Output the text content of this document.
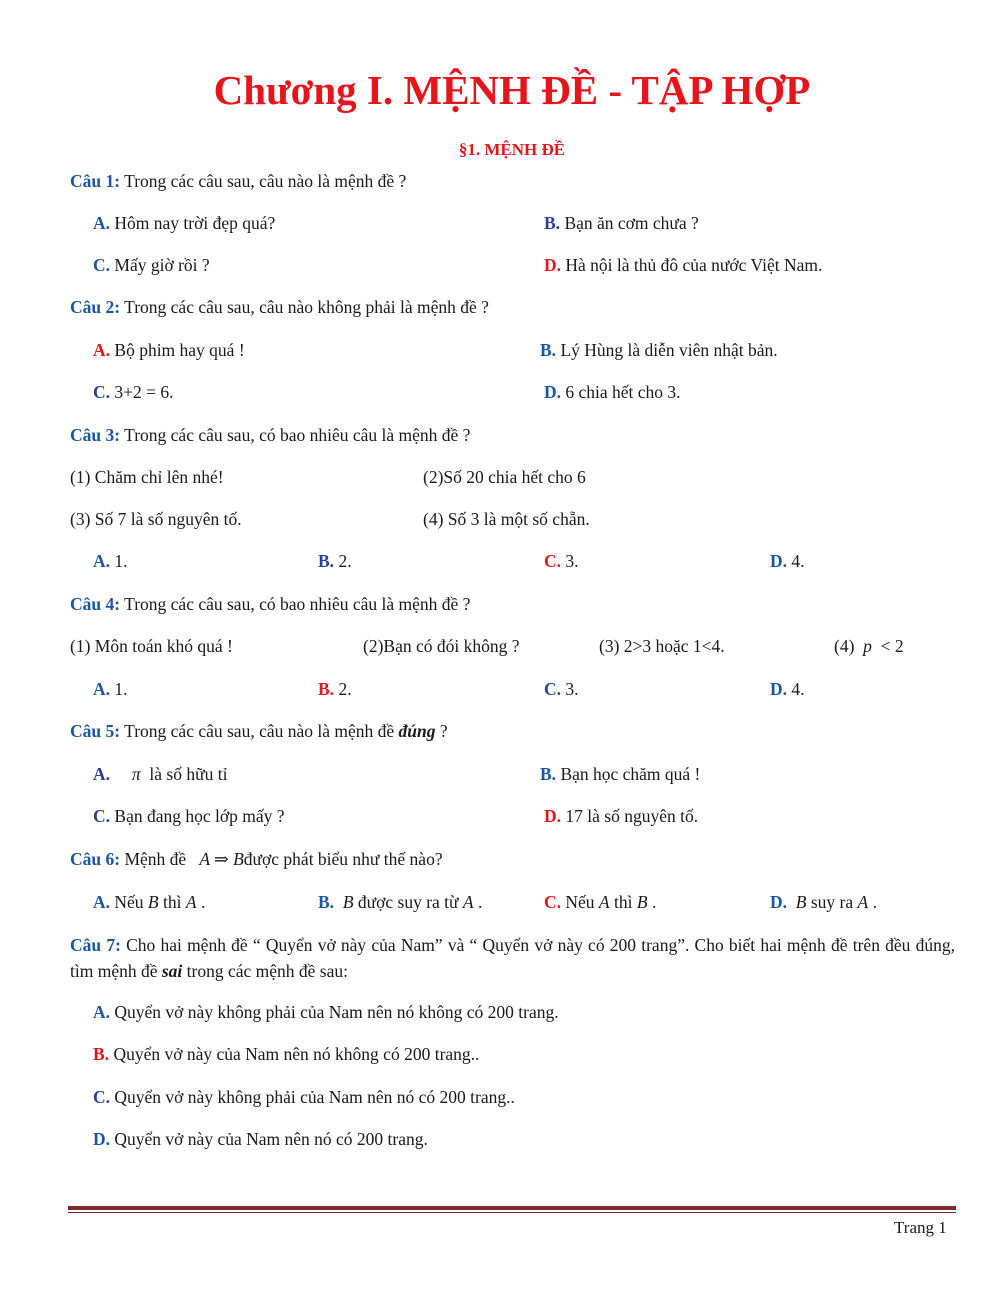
Chương I. MỆNH ĐỀ - TẬP HỢP
§1. MỆNH ĐỀ
Câu 1: Trong các câu sau, câu nào là mệnh đề ?
A. Hôm nay trời đẹp quá?	B. Bạn ăn cơm chưa ?
C. Mấy giờ rồi ?	D. Hà nội là thủ đô của nước Việt Nam.
Câu 2: Trong các câu sau, câu nào không phải là mệnh đề ?
A. Bộ phim hay quá !	B. Lý Hùng là diễn viên nhật bản.
C. 3+2 = 6.	D. 6 chia hết cho 3.
Câu 3: Trong các câu sau, có bao nhiêu câu là mệnh đề ?
(1) Chăm chỉ lên nhé!	(2)Số 20 chia hết cho 6
(3) Số 7 là số nguyên tố.	(4) Số 3 là một số chẵn.
A. 1.	B. 2.	C. 3.	D. 4.
Câu 4: Trong các câu sau, có bao nhiêu câu là mệnh đề ?
(1) Môn toán khó quá !	(2)Bạn có đói không ?	(3) 2>3 hoặc 1<4.	(4) p < 2
A. 1.	B. 2.	C. 3.	D. 4.
Câu 5: Trong các câu sau, câu nào là mệnh đề đúng ?
A. π  là số hữu tỉ	B. Bạn học chăm quá !
C. Bạn đang học lớp mấy ?	D. 17 là số nguyên tố.
Câu 6: Mệnh đề   A ⇒ Bđược phát biểu như thế nào?
A. Nếu B thì A .	B. B được suy ra từ A .	C. Nếu A thì B .	D. B suy ra A .
Câu 7: Cho hai mệnh đề “ Quyển vở này của Nam” và “ Quyển vở này có 200 trang”. Cho biết hai mệnh đề trên đều đúng, tìm mệnh đề sai trong các mệnh đề sau:
A. Quyển vở này không phải của Nam nên nó không có 200 trang.
B. Quyển vở này của Nam nên nó không có 200 trang..
C. Quyển vở này không phải của Nam nên nó có 200 trang..
D. Quyển vở này của Nam nên nó có 200 trang.
Trang 1
